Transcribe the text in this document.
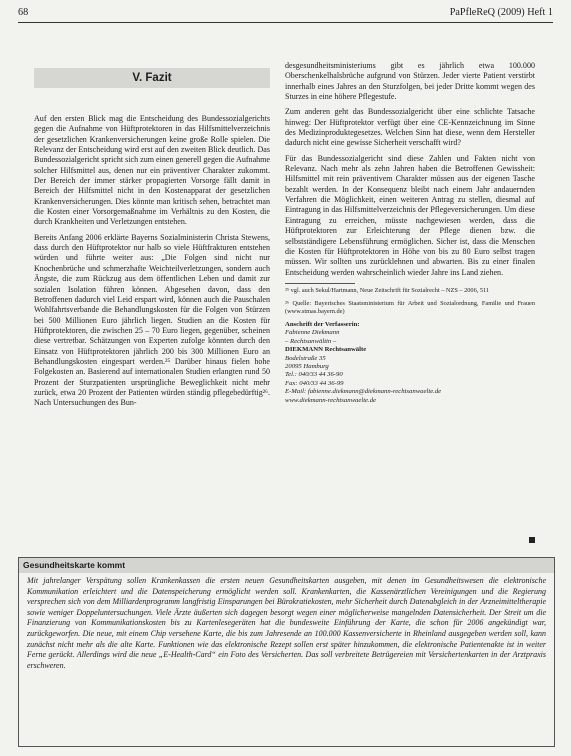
68	PaPfleReQ (2009) Heft 1
V. Fazit

Auf den ersten Blick mag die Entscheidung des Bundessozialgerichts gegen die Aufnahme von Hüftprotektoren in das Hilfsmittelverzeichnis der gesetzlichen Krankenversicherungen keine große Rolle spielen. Die Relevanz der Entscheidung wird erst auf den zweiten Blick deutlich. Das Bundessozialgericht spricht sich zum einen generell gegen die Aufnahme solcher Hilfsmittel aus, denen nur ein präventiver Charakter zukommt. Der Bereich der immer stärker propagierten Vorsorge fällt damit in Bereich der Hilfsmittel nicht in den Kostenapparat der gesetzlichen Krankenversicherungen. Dies könnte man kritisch sehen, betrachtet man die Kosten einer Vorsorgemaßnahme im Verhältnis zu den Kosten, die durch Krankheiten und Verletzungen entstehen.

Bereits Anfang 2006 erklärte Bayerns Sozialministerin Christa Stewens, dass durch den Hüftprotektor nur halb so viele Hüftfrakturen entstehen würden und führte weiter aus: „Die Folgen sind nicht nur Knochenbrüche und schmerzhafte Weichteilverletzungen, sondern auch Ängste, die zum Rückzug aus dem öffentlichen Leben und damit zur sozialen Isolation führen können. Abgesehen davon, dass den Betroffenen dadurch viel Leid erspart wird, können auch die Pauschalen Wohlfahrtsverbande die Behandlungskosten für die Folgen von Stürzen bei 500 Millionen Euro jährlich liegen. Studien an die Kosten für Hüftprotektoren, die zwischen 25 – 70 Euro liegen, gegenüber, scheinen diese vertretbar. Schätzungen von Experten zufolge könnten durch den Einsatz von Hüftprotektoren jährlich 200 bis 300 Millionen Euro an Behandlungskosten eingespart werden.²⁵ Darüber hinaus fielen hohe Folgekosten an. Basierend auf internationalen Studien erlangten rund 50 Prozent der Sturzpatienten ursprüngliche Beweglichkeit nicht mehr zurück, etwa 20 Prozent der Patienten würden ständig pflegebedürftig²⁶. Nach Untersuchungen des Bun-

desgesundheitsministeriums gibt es jährlich etwa 100.000 Oberschenkelhalsbrüche aufgrund von Stürzen. Jeder vierte Patient verstirbt innerhalb eines Jahres an den Sturzfolgen, bei jeder Dritte kommt wegen des Sturzes in eine höhere Pflegestufe.

Zum anderen geht das Bundessozialgericht über eine schlichte Tatsache hinweg: Der Hüftprotektor verfügt über eine CE-Kennzeichnung im Sinne des Medizinproduktegesetzes. Welchen Sinn hat diese, wenn dem Hersteller dadurch nicht eine gewisse Sicherheit verschafft wird?

Für das Bundessozialgericht sind diese Zahlen und Fakten nicht von Relevanz. Nach mehr als zehn Jahren haben die Betroffenen Gewissheit: Hilfsmittel mit rein präventivem Charakter müssen aus der eigenen Tasche bezahlt werden. In der Konsequenz bleibt nach einem Jahr andauernden Verfahren die Möglichkeit, einen weiteren Antrag zu stellen, diesmal auf Eintragung in das Hilfsmittelverzeichnis der Pflegeversicherungen. Um diese Eintragung zu erreichen, müsste nachgewiesen werden, dass die Hüftprotektoren zur Erleichterung der Pflege dienen bzw. die selbstständigere Lebensführung ermöglichen. Sicher ist, dass die Menschen die Kosten für Hüftprotektoren in Höhe von bis zu 80 Euro selbst tragen müssen. Wir sollten uns zurücklehnen und abwarten. Bis zu einer finalen Entscheidung werden wahrscheinlich wieder Jahre ins Land ziehen.

²⁵ vgl. auch Sekul/Hartmann, Neue Zeitschrift für Sozialrecht – NZS – 2006, 511

²⁶ Quelle: Bayerisches Staatsministerium für Arbeit und Sozialordnung, Familie und Frauen (www.stmas.bayern.de)

Anschrift der Verfasserin:
Fabienne Diekmann
– Rechtsanwältin –
DIEKMANN Rechtsanwälte
Bodelstraße 35
20095 Hamburg
Tel.: 040/33 44 36-90
Fax: 040/33 44 36-99
E-Mail: fabienne.diekmann@diekmann-rechtsanwaelte.de
www.diekmann-rechtsanwaelte.de
Gesundheitskarte kommt

Mit jahrelanger Verspätung sollen Krankenkassen die ersten neuen Gesundheitskarten ausgeben, mit denen im Gesundheitswesen die elektronische Kommunikation erleichtert und die Datenspeicherung ermöglicht werden soll. Krankenkarten, die Kassenärztlichen Vereinigungen und die Regierung versprechen sich von dem Milliardenprogramm langfristig Einsparungen bei Bürokratiekosten, mehr Sicherheit durch Datenabgleich in der Arzneimitteltherapie sowie weniger Doppeluntersuchungen. Viele Ärzte äußerten sich dagegen besorgt wegen einer möglicherweise mangelnden Datensicherheit. Der Streit um die Finanzierung von Kommunikationskosten bis zu Kartenlesegeräten hat die bundesweite Einführung der Karte, die schon für 2006 angekündigt war, zurückgeworfen. Die neue, mit einem Chip versehene Karte, die bis zum Jahresende an 100.000 Kassenversicherte in Rheinland ausgegeben werden soll, kann zunächst nicht mehr als die alte Karte. Funktionen wie das elektronische Rezept sollen erst später hinzukommen, die elektronische Patientenakte ist in weiter Ferne gerückt. Allerdings wird die neue „E-Health-Card“ ein Foto des Versicherten. Das soll verbreitete Betrügereien mit Versichertenkarten in der Arztpraxis erschweren.
